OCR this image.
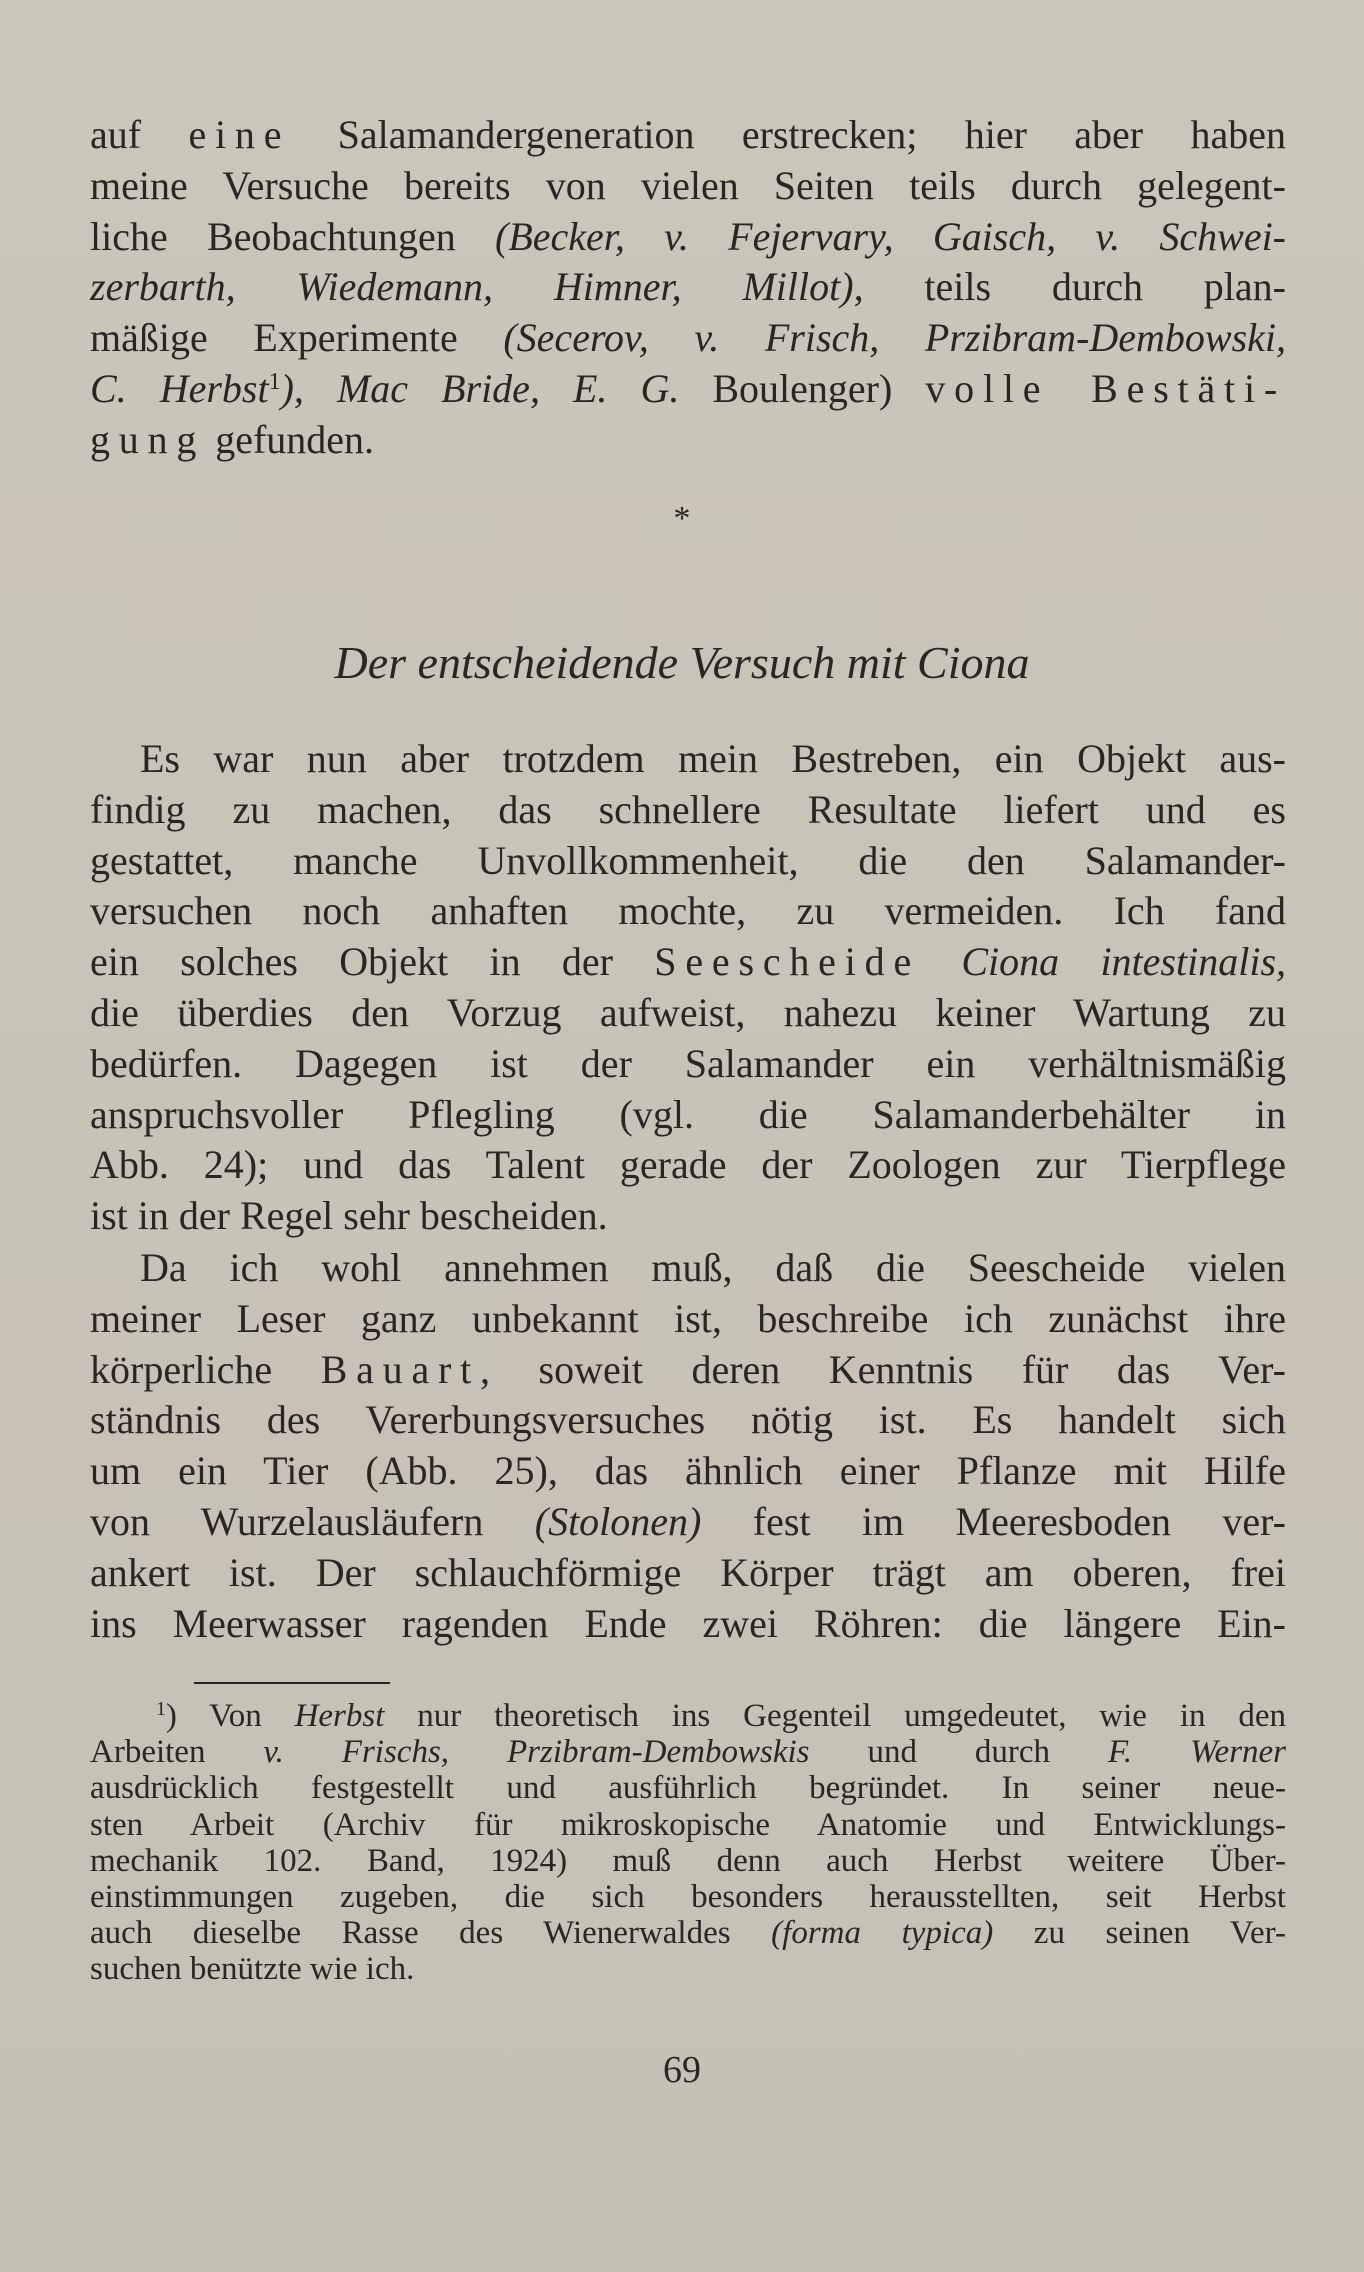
auf eine Salamandergeneration erstrecken; hier aber haben
meine Versuche bereits von vielen Seiten teils durch gelegent-
liche Beobachtungen (Becker, v. Fejervary, Gaisch, v. Schwei-
zerbarth, Wiedemann, Himner, Millot), teils durch plan-
mäßige Experimente (Secerov, v. Frisch, Przibram-Dembowski,
C. Herbst$^1$), Mac Bride, E. G. Boulenger) volle Bestäti-
gung gefunden.
*
Der entscheidende Versuch mit Ciona
Es war nun aber trotzdem mein Bestreben, ein Objekt aus-
findig zu machen, das schnellere Resultate liefert und es
gestattet, manche Unvollkommenheit, die den Salamander-
versuchen noch anhaften mochte, zu vermeiden. Ich fand
ein solches Objekt in der Seescheide Ciona intestinalis,
die überdies den Vorzug aufweist, nahezu keiner Wartung zu
bedürfen. Dagegen ist der Salamander ein verhältnismäßig
anspruchsvoller Pflegling (vgl. die Salamanderbehälter in
Abb. 24); und das Talent gerade der Zoologen zur Tierpflege
ist in der Regel sehr bescheiden.
Da ich wohl annehmen muß, daß die Seescheide vielen
meiner Leser ganz unbekannt ist, beschreibe ich zunächst ihre
körperliche Bauart, soweit deren Kenntnis für das Ver-
ständnis des Vererbungsversuches nötig ist. Es handelt sich
um ein Tier (Abb. 25), das ähnlich einer Pflanze mit Hilfe
von Wurzelausläufern (Stolonen) fest im Meeresboden ver-
ankert ist. Der schlauchförmige Körper trägt am oberen, frei
ins Meerwasser ragenden Ende zwei Röhren: die längere Ein-
$^1$) Von Herbst nur theoretisch ins Gegenteil umgedeutet, wie in den
Arbeiten v. Frischs, Przibram-Dembowskis und durch F. Werner
ausdrücklich festgestellt und ausführlich begründet. In seiner neue-
sten Arbeit (Archiv für mikroskopische Anatomie und Entwicklungs-
mechanik 102. Band, 1924) muß denn auch Herbst weitere Über-
einstimmungen zugeben, die sich besonders herausstellten, seit Herbst
auch dieselbe Rasse des Wienerwaldes (forma typica) zu seinen Ver-
suchen benützte wie ich.
69
